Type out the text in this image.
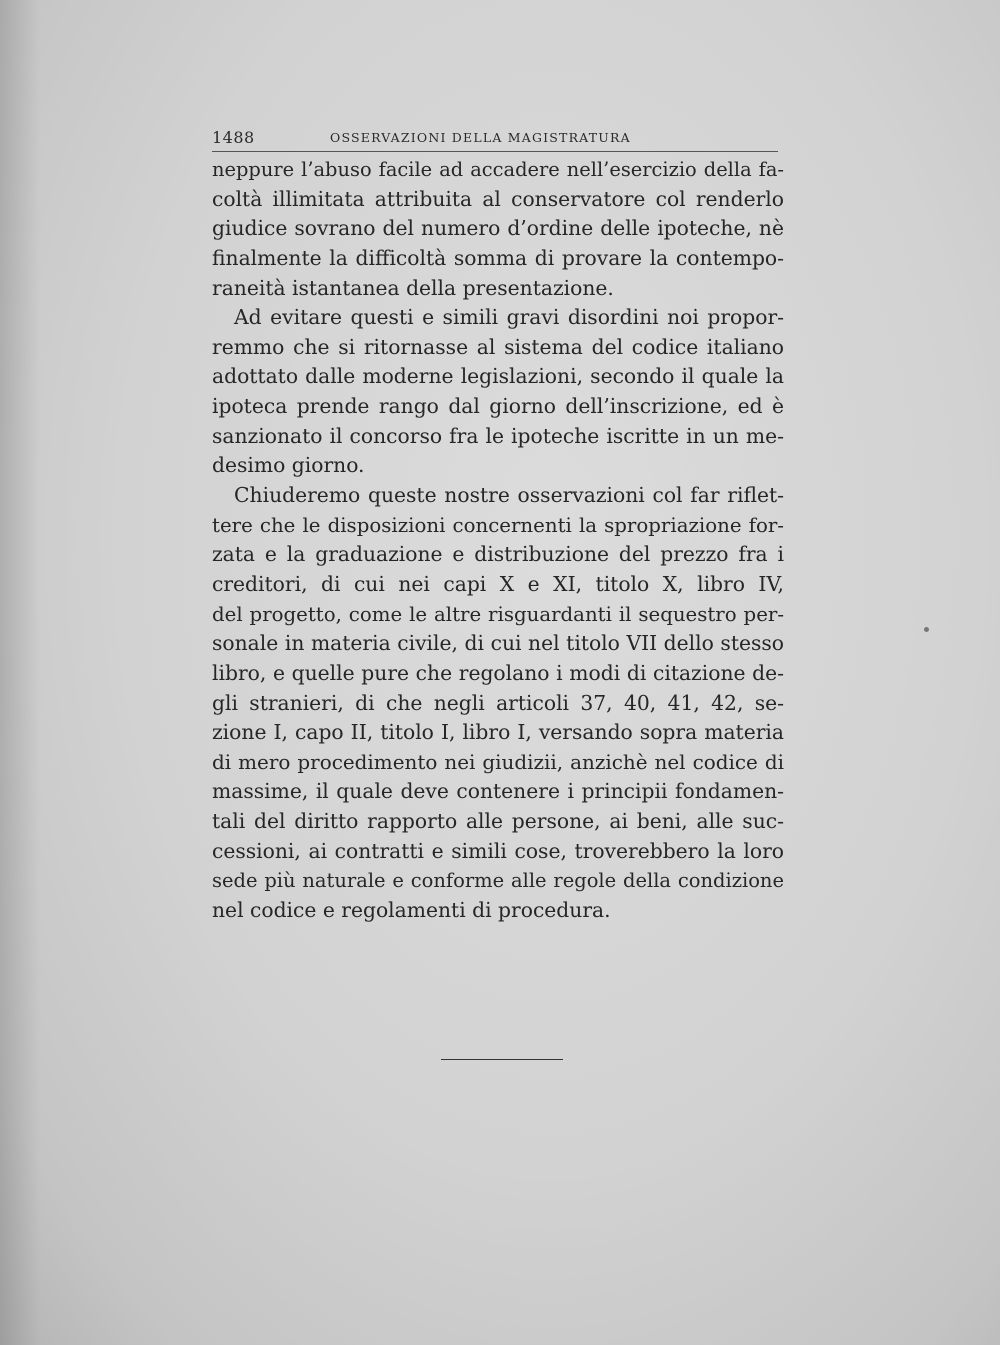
1488	OSSERVAZIONI DELLA MAGISTRATURA
neppure l’abuso facile ad accadere nell’esercizio della fa-
coltà illimitata attribuita al conservatore col renderlo
giudice sovrano del numero d’ordine delle ipoteche, nè
finalmente la difficoltà somma di provare la contempo-
raneità istantanea della presentazione.
Ad evitare questi e simili gravi disordini noi propor-
remmo che si ritornasse al sistema del codice italiano
adottato dalle moderne legislazioni, secondo il quale la
ipoteca prende rango dal giorno dell’inscrizione, ed è
sanzionato il concorso fra le ipoteche iscritte in un me-
desimo giorno.
Chiuderemo queste nostre osservazioni col far riflet-
tere che le disposizioni concernenti la spropriazione for-
zata e la graduazione e distribuzione del prezzo fra i
creditori, di cui nei capi X e XI, titolo X, libro IV,
del progetto, come le altre risguardanti il sequestro per-
sonale in materia civile, di cui nel titolo VII dello stesso
libro, e quelle pure che regolano i modi di citazione de-
gli stranieri, di che negli articoli 37, 40, 41, 42, se-
zione I, capo II, titolo I, libro I, versando sopra materia
di mero procedimento nei giudizii, anzichè nel codice di
massime, il quale deve contenere i principii fondamen-
tali del diritto rapporto alle persone, ai beni, alle suc-
cessioni, ai contratti e simili cose, troverebbero la loro
sede più naturale e conforme alle regole della condizione
nel codice e regolamenti di procedura.
